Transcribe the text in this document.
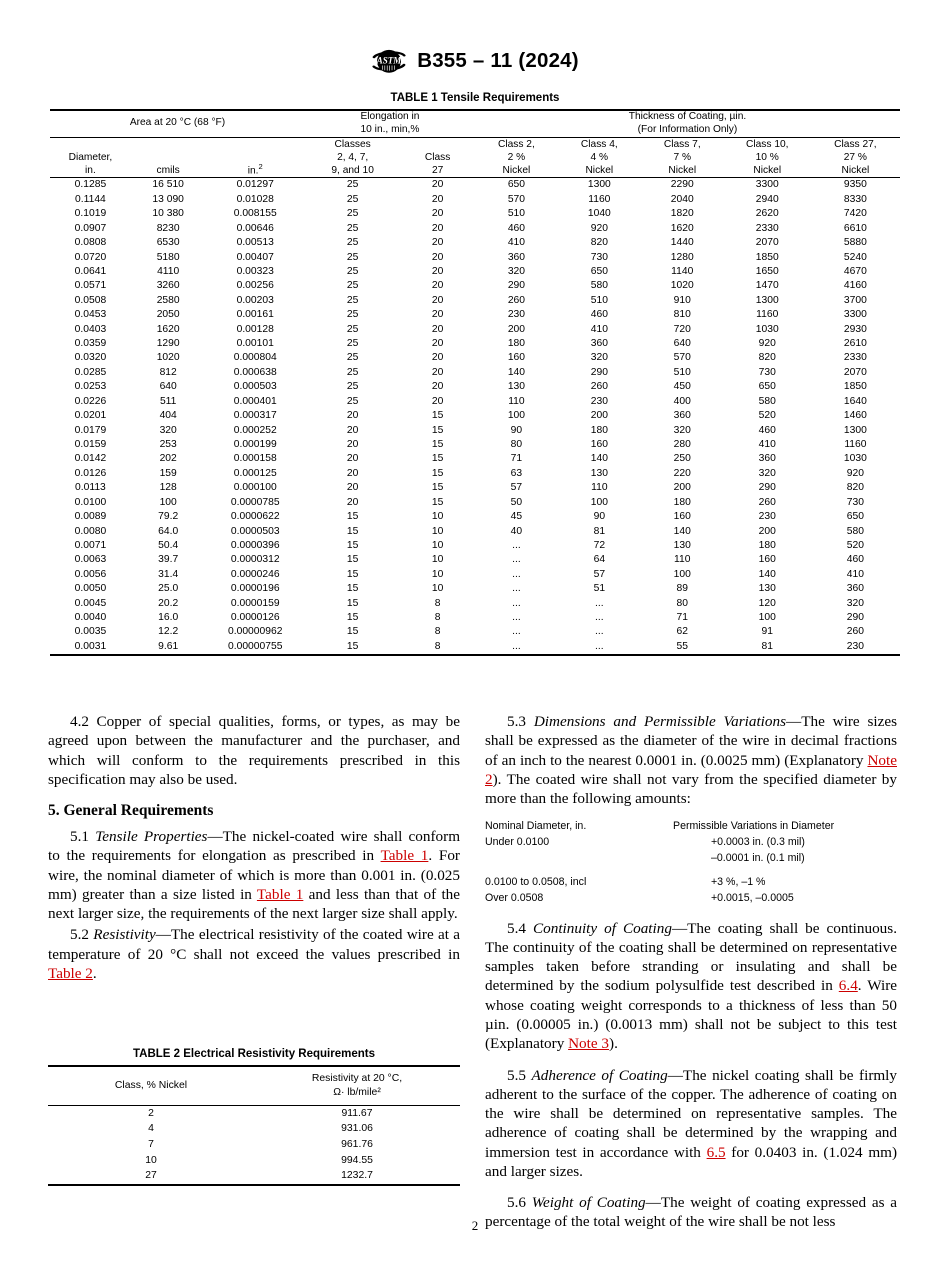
ASTM B355 – 11 (2024)
TABLE 1 Tensile Requirements
Area at 20 °C (68 °F)	
Elongation in
10 in., min,%

Thickness of Coating, µin.
(For Information Only)

Diameter,
in.	cmils	in.$^2$

Classes
2, 4, 7,
9, and 10

Class
27

Class 2,
2 %
Nickel

Class 4,
4 %
Nickel

Class 7,
7 %
Nickel

Class 10,
10 %
Nickel

Class 27,
27 %
Nickel

0.1285	16 510	0.01297	25	20	650	1300	2290	3300	9350
0.1144	13 090	0.01028	25	20	570	1160	2040	2940	8330
0.1019	10 380	0.008155	25	20	510	1040	1820	2620	7420
0.0907	8230	0.00646	25	20	460	920	1620	2330	6610
0.0808	6530	0.00513	25	20	410	820	1440	2070	5880
0.0720	5180	0.00407	25	20	360	730	1280	1850	5240
0.0641	4110	0.00323	25	20	320	650	1140	1650	4670
0.0571	3260	0.00256	25	20	290	580	1020	1470	4160
0.0508	2580	0.00203	25	20	260	510	910	1300	3700
0.0453	2050	0.00161	25	20	230	460	810	1160	3300
0.0403	1620	0.00128	25	20	200	410	720	1030	2930
0.0359	1290	0.00101	25	20	180	360	640	920	2610
0.0320	1020	0.000804	25	20	160	320	570	820	2330
0.0285	812	0.000638	25	20	140	290	510	730	2070
0.0253	640	0.000503	25	20	130	260	450	650	1850
0.0226	511	0.000401	25	20	110	230	400	580	1640
0.0201	404	0.000317	20	15	100	200	360	520	1460
0.0179	320	0.000252	20	15	90	180	320	460	1300
0.0159	253	0.000199	20	15	80	160	280	410	1160
0.0142	202	0.000158	20	15	71	140	250	360	1030
0.0126	159	0.000125	20	15	63	130	220	320	920
0.0113	128	0.000100	20	15	57	110	200	290	820
0.0100	100	0.0000785	20	15	50	100	180	260	730
0.0089	79.2	0.0000622	15	10	45	90	160	230	650
0.0080	64.0	0.0000503	15	10	40	81	140	200	580
0.0071	50.4	0.0000396	15	10	...	72	130	180	520
0.0063	39.7	0.0000312	15	10	...	64	110	160	460
0.0056	31.4	0.0000246	15	10	...	57	100	140	410
0.0050	25.0	0.0000196	15	10	...	51	89	130	360
0.0045	20.2	0.0000159	15	8	...	...	80	120	320
0.0040	16.0	0.0000126	15	8	...	...	71	100	290
0.0035	12.2	0.00000962	15	8	...	...	62	91	260
0.0031	9.61	0.00000755	15	8	...	...	55	81	230

4.2 Copper of special qualities, forms, or types, as may be agreed upon between the manufacturer and the purchaser, and which will conform to the requirements prescribed in this specification may also be used.

5. General Requirements

5.1 Tensile Properties—The nickel-coated wire shall conform to the requirements for elongation as prescribed in Table 1. For wire, the nominal diameter of which is more than 0.001 in. (0.025 mm) greater than a size listed in Table 1 and less than that of the next larger size, the requirements of the next larger size shall apply.

5.2 Resistivity—The electrical resistivity of the coated wire at a temperature of 20 °C shall not exceed the values prescribed in Table 2.

TABLE 2 Electrical Resistivity Requirements
Class, % Nickel	Resistivity at 20 °C,
Ω· lb/mile²

2	911.67
4	931.06
7	961.76
10	994.55
27	1232.7

5.3 Dimensions and Permissible Variations—The wire sizes shall be expressed as the diameter of the wire in decimal fractions of an inch to the nearest 0.0001 in. (0.0025 mm) (Explanatory Note 2). The coated wire shall not vary from the specified diameter by more than the following amounts:

Nominal Diameter, in.	Permissible Variations in Diameter
Under 0.0100	+0.0003 in. (0.3 mil)
–0.0001 in. (0.1 mil)
0.0100 to 0.0508, incl	+3 %, –1 %
Over 0.0508	+0.0015, –0.0005

5.4 Continuity of Coating—The coating shall be continuous. The continuity of the coating shall be determined on representative samples taken before stranding or insulating and shall be determined by the sodium polysulfide test described in 6.4. Wire whose coating weight corresponds to a thickness of less than 50 µin. (0.00005 in.) (0.0013 mm) shall not be subject to this test (Explanatory Note 3).

5.5 Adherence of Coating—The nickel coating shall be firmly adherent to the surface of the copper. The adherence of coating on the wire shall be determined on representative samples. The adherence of coating shall be determined by the wrapping and immersion test in accordance with 6.5 for 0.0403 in. (1.024 mm) and larger sizes.

5.6 Weight of Coating—The weight of coating expressed as a percentage of the total weight of the wire shall be not less

2
